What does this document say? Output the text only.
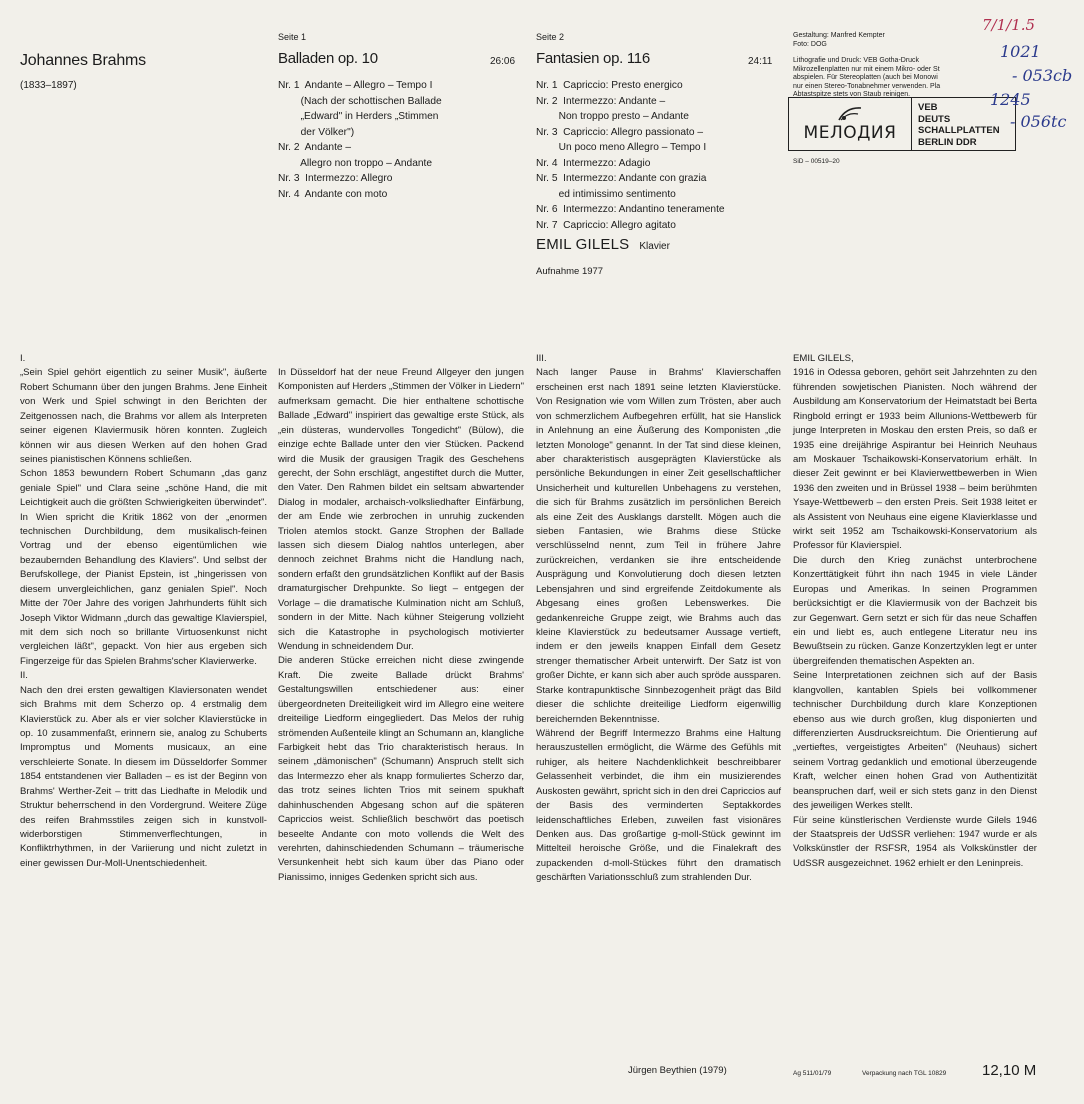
Johannes Brahms
(1833–1897)
Seite 1
Balladen op. 10	26:06
Nr. 1  Andante – Allegro – Tempo I
(Nach der schottischen Ballade
„Edward" in Herders „Stimmen
der Völker")
Nr. 2  Andante –
Allegro non troppo – Andante
Nr. 3  Intermezzo: Allegro
Nr. 4  Andante con moto
Seite 2
Fantasien op. 116	24:11
Nr. 1  Capriccio: Presto energico
Nr. 2  Intermezzo: Andante –
Non troppo presto – Andante
Nr. 3  Capriccio: Allegro passionato –
Un poco meno Allegro – Tempo I
Nr. 4  Intermezzo: Adagio
Nr. 5  Intermezzo: Andante con grazia
ed intimissimo sentimento
Nr. 6  Intermezzo: Andantino teneramente
Nr. 7  Capriccio: Allegro agitato
EMIL GILELS Klavier
Aufnahme 1977
Gestaltung: Manfred Kempter
Foto: DOG
Lithografie und Druck: VEB Gotha-Druck
Mikrozellenplatten nur mit einem Mikro- oder St
abspielen. Für Stereoplatten (auch bei Monowi
nur einen Stereo-Tonabnehmer verwenden. Pla
Abtastspitze stets von Staub reinigen.
МЕЛОДИЯ
VEB
DEUTS
SCHALLPLATTEN
BERLIN DDR
SiD – 00519–20
7/1/1.5
1021
- 053cb
1245
- 056tc

I.

„Sein Spiel gehört eigentlich zu seiner Musik", äußerte Robert Schumann über den jungen Brahms. Jene Einheit von Werk und Spiel schwingt in den Berichten der Zeitgenossen nach, die Brahms vor allem als Interpreten seiner eigenen Klaviermusik hören konnten. Zugleich können wir aus diesen Werken auf den hohen Grad seines pianistischen Könnens schließen.

Schon 1853 bewundern Robert Schumann „das ganz geniale Spiel" und Clara seine „schöne Hand, die mit Leichtigkeit auch die größten Schwierigkeiten überwindet". In Wien spricht die Kritik 1862 von der „enormen technischen Durchbildung, dem musikalisch-feinen Vortrag und der ebenso eigentümlichen wie bezaubernden Behandlung des Klaviers". Und selbst der Berufskollege, der Pianist Epstein, ist „hingerissen von diesem unvergleichlichen, ganz genialen Spiel". Noch Mitte der 70er Jahre des vorigen Jahrhunderts fühlt sich Joseph Viktor Widmann „durch das gewaltige Klavierspiel, mit dem sich noch so brillante Virtuosenkunst nicht vergleichen läßt", gepackt. Von hier aus ergeben sich Fingerzeige für das Spielen Brahms'scher Klavierwerke.

II.

Nach den drei ersten gewaltigen Klaviersonaten wendet sich Brahms mit dem Scherzo op. 4 erstmalig dem Klavierstück zu. Aber als er vier solcher Klavierstücke in op. 10 zusammenfaßt, erinnern sie, analog zu Schuberts Impromptus und Moments musicaux, an eine verschleierte Sonate. In diesem im Düsseldorfer Sommer 1854 entstandenen vier Balladen – es ist der Beginn von Brahms' Werther-Zeit – tritt das Liedhafte in Melodik und Struktur beherrschend in den Vordergrund. Weitere Züge des reifen Brahmsstiles zeigen sich in kunstvoll-widerborstigen Stimmenverflechtungen, in Konfliktrhythmen, in der Variierung und nicht zuletzt in einer gewissen Dur-Moll-Unentschiedenheit.

In Düsseldorf hat der neue Freund Allgeyer den jungen Komponisten auf Herders „Stimmen der Völker in Liedern" aufmerksam gemacht. Die hier enthaltene schottische Ballade „Edward" inspiriert das gewaltige erste Stück, als „ein düsteras, wundervolles Tongedicht" (Bülow), die einzige echte Ballade unter den vier Stücken. Packend wird die Musik der grausigen Tragik des Geschehens gerecht, der Sohn erschlägt, angestiftet durch die Mutter, den Vater. Den Rahmen bildet ein seltsam abwartender Dialog in modaler, archaisch-volksliedhafter Einfärbung, der am Ende wie zerbrochen in unruhig zuckenden Triolen atemlos stockt. Ganze Strophen der Ballade lassen sich diesem Dialog nahtlos unterlegen, aber dennoch zeichnet Brahms nicht die Handlung nach, sondern erfaßt den grundsätzlichen Konflikt auf der Basis dramaturgischer Drehpunkte. So liegt – entgegen der Vorlage – die dramatische Kulmination nicht am Schluß, sondern in der Mitte. Nach kühner Steigerung vollzieht sich die Katastrophe in psychologisch motivierter Wendung in schneidendem Dur.

Die anderen Stücke erreichen nicht diese zwingende Kraft. Die zweite Ballade drückt Brahms' Gestaltungswillen entschiedener aus: einer übergeordneten Dreiteiligkeit wird im Allegro eine weitere dreiteilige Liedform eingegliedert. Das Melos der ruhig strömenden Außenteile klingt an Schumann an, klangliche Farbigkeit hebt das Trio charakteristisch heraus. In seinem „dämonischen" (Schumann) Anspruch stellt sich das Intermezzo eher als knapp formuliertes Scherzo dar, das trotz seines lichten Trios mit seinem spukhaft dahinhuschenden Abgesang schon auf die späteren Capriccios weist. Schließlich beschwört das poetisch beseelte Andante con moto vollends die Welt des verehrten, dahinschiedenden Schumann – träumerische Versunkenheit hebt sich kaum über das Piano oder Pianissimo, inniges Gedenken spricht sich aus.

III.

Nach langer Pause in Brahms' Klavierschaffen erscheinen erst nach 1891 seine letzten Klavierstücke. Von Resignation wie vom Willen zum Trösten, aber auch von schmerzlichem Aufbegehren erfüllt, hat sie Hanslick in Anlehnung an eine Äußerung des Komponisten „die letzten Monologe" genannt. In der Tat sind diese kleinen, aber charakteristisch ausgeprägten Klavierstücke als persönliche Bekundungen in einer Zeit gesellschaftlicher Unsicherheit und kulturellen Unbehagens zu verstehen, die sich für Brahms zusätzlich im persönlichen Bereich als eine Zeit des Ausklangs darstellt. Mögen auch die sieben Fantasien, wie Brahms diese Stücke verschlüsselnd nennt, zum Teil in frühere Jahre zurückreichen, verdanken sie ihre entscheidende Ausprägung und Konvolutierung doch diesen letzten Lebensjahren und sind ergreifende Zeitdokumente als Abgesang eines großen Lebenswerkes. Die gedankenreiche Gruppe zeigt, wie Brahms auch das kleine Klavierstück zu bedeutsamer Aussage vertieft, indem er den jeweils knappen Einfall dem Gesetz strenger thematischer Arbeit unterwirft. Der Satz ist von großer Dichte, er kann sich aber auch spröde aussparen. Starke kontrapunktische Sinnbezogenheit prägt das Bild dieser die schlichte dreiteilige Liedform eigenwillig bereichernden Bekenntnisse.

Während der Begriff Intermezzo Brahms eine Haltung herauszustellen ermöglicht, die Wärme des Gefühls mit ruhiger, als heitere Nachdenklichkeit beschreibbarer Gelassenheit verbindet, die ihm ein musizierendes Auskosten gewährt, spricht sich in den drei Capriccios auf der Basis des verminderten Septakkordes leidenschaftliches Erleben, zuweilen fast visionäres Denken aus. Das großartige g-moll-Stück gewinnt im Mittelteil heroische Größe, und die Finalekraft des zupackenden d-moll-Stückes führt den dramatisch geschärften Variationsschluß zum strahlenden Dur.

Jürgen Beythien (1979)

EMIL GILELS,

1916 in Odessa geboren, gehört seit Jahrzehnten zu den führenden sowjetischen Pianisten. Noch während der Ausbildung am Konservatorium der Heimatstadt bei Berta Ringbold erringt er 1933 beim Allunions-Wettbewerb für junge Interpreten in Moskau den ersten Preis, so daß er 1935 eine dreijährige Aspirantur bei Heinrich Neuhaus am Moskauer Tschaikowski-Konservatorium erhält. In dieser Zeit gewinnt er bei Klavierwettbewerben in Wien 1936 den zweiten und in Brüssel 1938 – beim berühmten Ysaye-Wettbewerb – den ersten Preis. Seit 1938 leitet er als Assistent von Neuhaus eine eigene Klavierklasse und wirkt seit 1952 am Tschaikowski-Konservatorium als Professor für Klavierspiel.

Die durch den Krieg zunächst unterbrochene Konzerttätigkeit führt ihn nach 1945 in viele Länder Europas und Amerikas. In seinen Programmen berücksichtigt er die Klaviermusik von der Bachzeit bis zur Gegenwart. Gern setzt er sich für das neue Schaffen ein und liebt es, auch entlegene Literatur neu ins Bewußtsein zu rücken. Ganze Konzertzyklen legt er unter übergreifenden thematischen Aspekten an.

Seine Interpretationen zeichnen sich auf der Basis klangvollen, kantablen Spiels bei vollkommener technischer Durchbildung durch klare Konzeptionen ebenso aus wie durch großen, klug disponierten und differenzierten Ausdrucksreichtum. Die Orientierung auf „vertieftes, vergeistigtes Arbeiten" (Neuhaus) sichert seinem Vortrag gedanklich und emotional überzeugende Kraft, welcher einen hohen Grad von Authentizität beanspruchen darf, weil er sich stets ganz in den Dienst des jeweiligen Werkes stellt.

Für seine künstlerischen Verdienste wurde Gilels 1946 der Staatspreis der UdSSR verliehen: 1947 wurde er als Volkskünstler der RSFSR, 1954 als Volkskünstler der UdSSR ausgezeichnet. 1962 erhielt er den Leninpreis.

Ag 511/01/79	Verpackung nach TGL 10829 12,10 M
